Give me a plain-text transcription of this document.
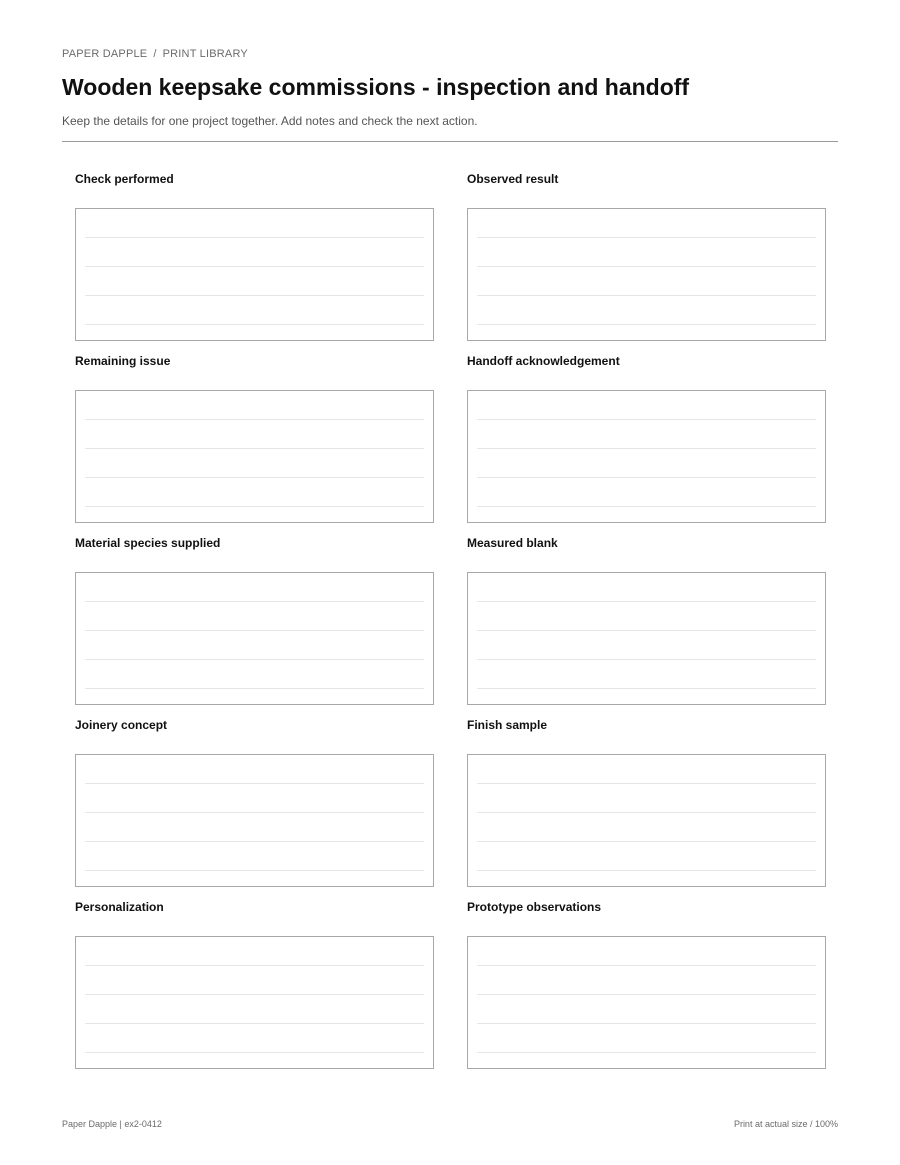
PAPER DAPPLE / PRINT LIBRARY
Wooden keepsake commissions - inspection and handoff
Keep the details for one project together. Add notes and check the next action.
Check performed	Observed result
Remaining issue	Handoff acknowledgement
Material species supplied	Measured blank
Joinery concept	Finish sample
Personalization	Prototype observations
Paper Dapple | ex2-0412	Print at actual size / 100%
